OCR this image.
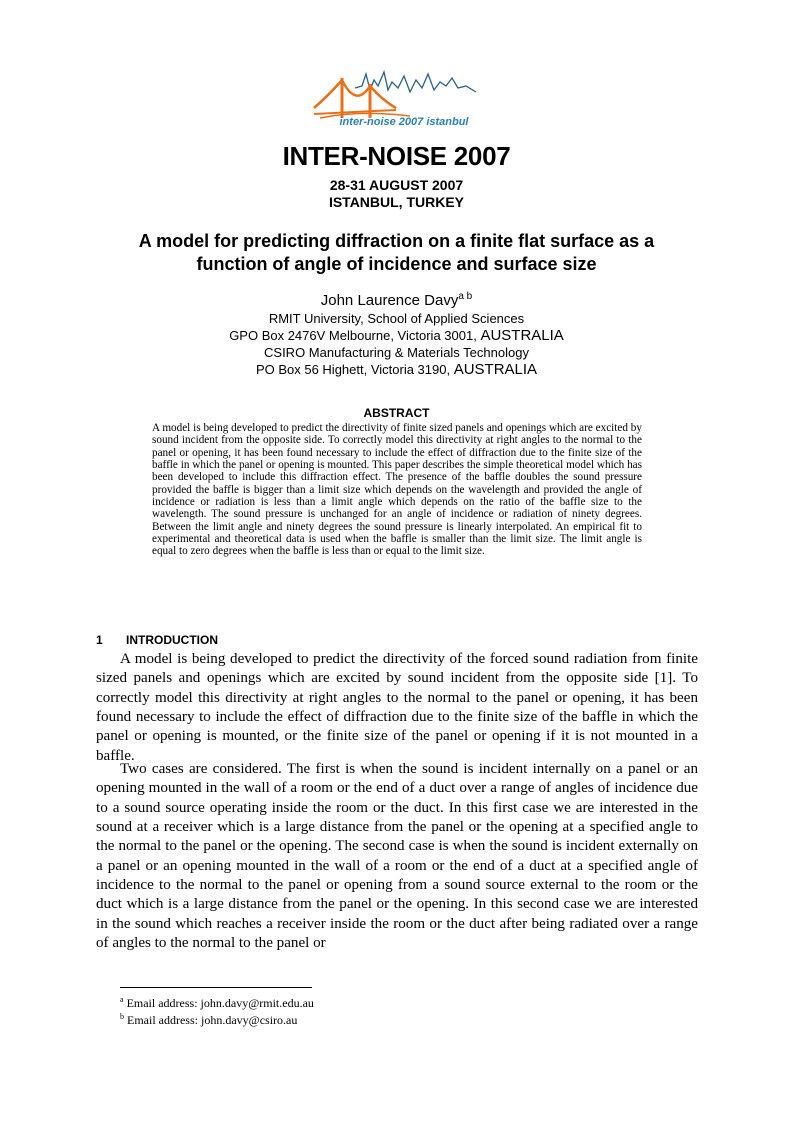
inter-noise 2007 istanbul
INTER-NOISE 2007
28-31 AUGUST 2007
ISTANBUL, TURKEY
A model for predicting diffraction on a finite flat surface as a function of angle of incidence and surface size
John Laurence Davy$^{a b}$
RMIT University, School of Applied Sciences
GPO Box 2476V Melbourne, Victoria 3001, AUSTRALIA
CSIRO Manufacturing & Materials Technology
PO Box 56 Highett, Victoria 3190, AUSTRALIA
ABSTRACT

A model is being developed to predict the directivity of finite sized panels and openings which are excited by sound incident from the opposite side. To correctly model this directivity at right angles to the normal to the panel or opening, it has been found necessary to include the effect of diffraction due to the finite size of the baffle in which the panel or opening is mounted. This paper describes the simple theoretical model which has been developed to include this diffraction effect. The presence of the baffle doubles the sound pressure provided the baffle is bigger than a limit size which depends on the wavelength and provided the angle of incidence or radiation is less than a limit angle which depends on the ratio of the baffle size to the wavelength. The sound pressure is unchanged for an angle of incidence or radiation of ninety degrees. Between the limit angle and ninety degrees the sound pressure is linearly interpolated. An empirical fit to experimental and theoretical data is used when the baffle is smaller than the limit size. The limit angle is equal to zero degrees when the baffle is less than or equal to the limit size.

1 INTRODUCTION

A model is being developed to predict the directivity of the forced sound radiation from finite sized panels and openings which are excited by sound incident from the opposite side [1]. To correctly model this directivity at right angles to the normal to the panel or opening, it has been found necessary to include the effect of diffraction due to the finite size of the baffle in which the panel or opening is mounted, or the finite size of the panel or opening if it is not mounted in a baffle.

Two cases are considered. The first is when the sound is incident internally on a panel or an opening mounted in the wall of a room or the end of a duct over a range of angles of incidence due to a sound source operating inside the room or the duct. In this first case we are interested in the sound at a receiver which is a large distance from the panel or the opening at a specified angle to the normal to the panel or the opening. The second case is when the sound is incident externally on a panel or an opening mounted in the wall of a room or the end of a duct at a specified angle of incidence to the normal to the panel or opening from a sound source external to the room or the duct which is a large distance from the panel or the opening. In this second case we are interested in the sound which reaches a receiver inside the room or the duct after being radiated over a range of angles to the normal to the panel or

$^a$ Email address: john.davy@rmit.edu.au
$^b$ Email address: john.davy@csiro.au
